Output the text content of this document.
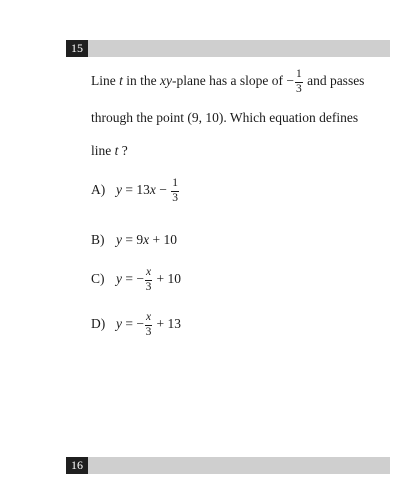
15
Line t in the xy-plane has a slope of − $\frac{1}{3}$ and passes
through the point (9, 10). Which equation defines
line t ?
A) $y = 13x - \frac{1}{3}$
B) y = 9x + 10
C) y = − $\frac{x}{3} + 10$
D) y = − $\frac{x}{3} + 13$
16
